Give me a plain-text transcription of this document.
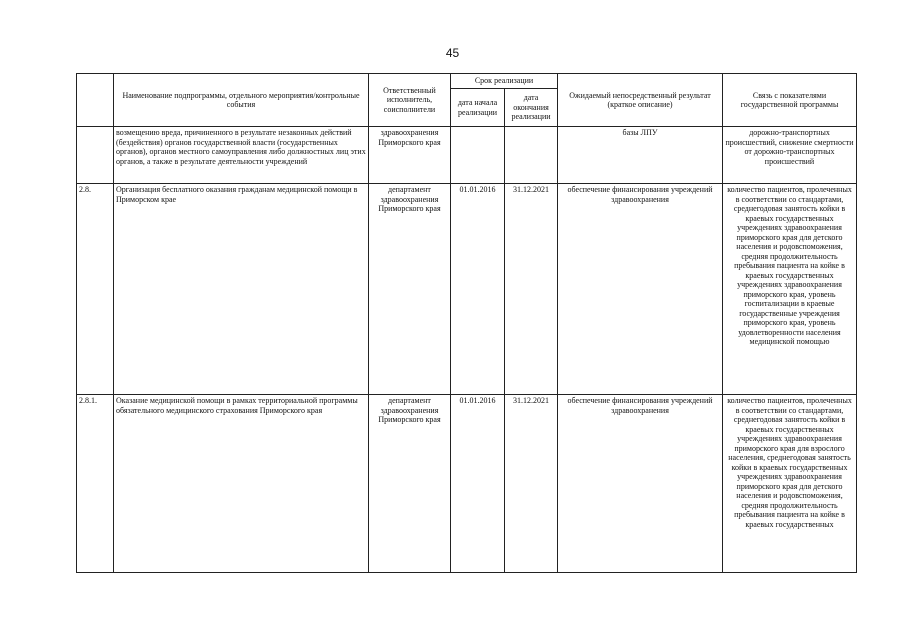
45
	Наименование подпрограммы, отдельного мероприятия/контрольные события	Ответственный исполнитель, соисполнители	Срок реализации		Ожидаемый непосредственный результат (краткое описание)	Связь с показателями государственной программы
			дата начала реализации	дата окончания реализации		
	возмещению вреда, причиненного в результате незаконных действий (бездействия) органов государственной власти (государственных органов), органов местного самоуправления либо должностных лиц этих органов, а также в результате деятельности учреждений	здравоохранения Приморского края			базы ЛПУ	дорожно-транспортных происшествий, снижение смертности от дорожно-транспортных происшествий
2.8.	Организация бесплатного оказания гражданам медицинской помощи в Приморском крае	департамент здравоохранения Приморского края	01.01.2016	31.12.2021	обеспечение финансирования учреждений здравоохранения	количество пациентов, пролеченных в соответствии со стандартами, среднегодовая занятость койки в краевых государственных учреждениях здравоохранения приморского края для детского населения и родовспоможения, средняя продолжительность пребывания пациента на койке в краевых государственных учреждениях здравоохранения приморского края, уровень госпитализации в краевые государственные учреждения приморского края, уровень удовлетворенности населения медицинской помощью
2.8.1.	Оказание медицинской помощи в рамках территориальной программы обязательного медицинского страхования Приморского края	департамент здравоохранения Приморского края	01.01.2016	31.12.2021	обеспечение финансирования учреждений здравоохранения	количество пациентов, пролеченных в соответствии со стандартами, среднегодовая занятость койки в краевых государственных учреждениях здравоохранения приморского края для взрослого населения, среднегодовая занятость койки в краевых государственных учреждениях здравоохранения приморского края для детского населения и родовспоможения, средняя продолжительность пребывания пациента на койке в краевых государственных
